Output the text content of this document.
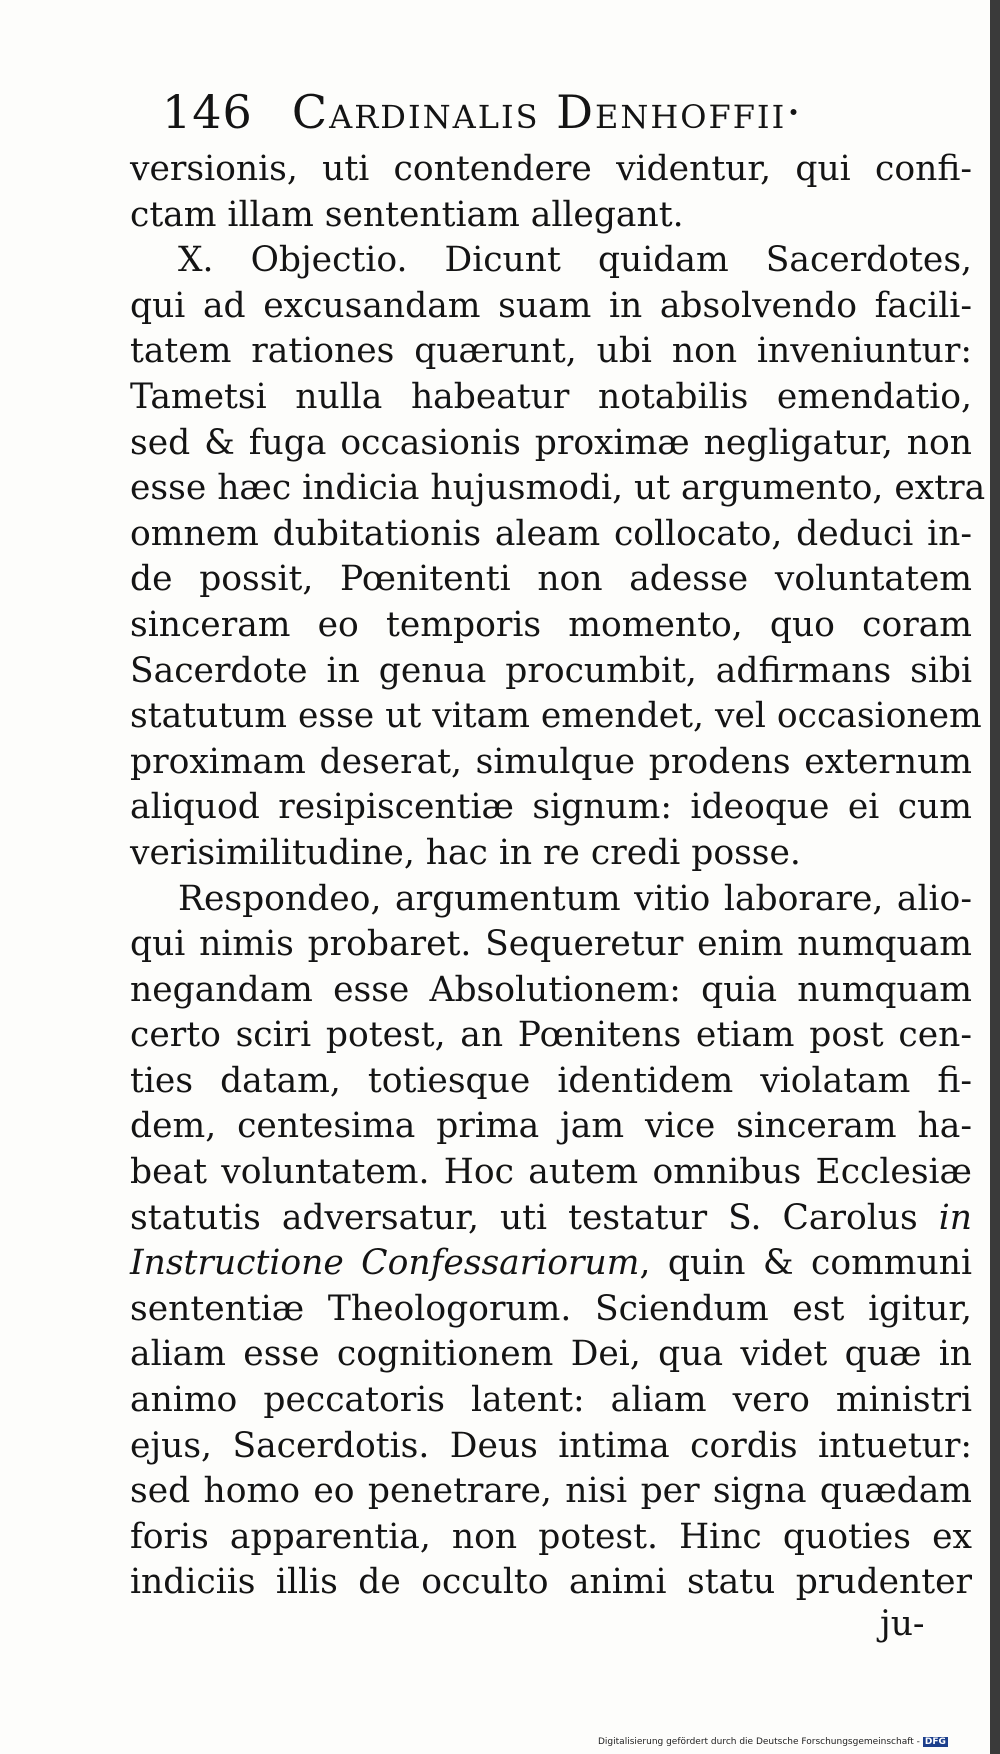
146 Cardinalis Denhoffii·
versionis, uti contendere videntur, qui confi-
ctam illam sententiam allegant.
X. Objectio. Dicunt quidam Sacerdotes,
qui ad excusandam suam in absolvendo facili-
tatem rationes quærunt, ubi non inveniuntur:
Tametsi nulla habeatur notabilis emendatio,
sed & fuga occasionis proximæ negligatur, non
esse hæc indicia hujusmodi, ut argumento, extra
omnem dubitationis aleam collocato, deduci in-
de possit, Pœnitenti non adesse voluntatem
sinceram eo temporis momento, quo coram
Sacerdote in genua procumbit, adfirmans sibi
statutum esse ut vitam emendet, vel occasionem
proximam deserat, simulque prodens externum
aliquod resipiscentiæ signum: ideoque ei cum
verisimilitudine, hac in re credi posse.
Respondeo, argumentum vitio laborare, alio-
qui nimis probaret. Sequeretur enim numquam
negandam esse Absolutionem: quia numquam
certo sciri potest, an Pœnitens etiam post cen-
ties datam, totiesque identidem violatam fi-
dem, centesima prima jam vice sinceram ha-
beat voluntatem. Hoc autem omnibus Ecclesiæ
statutis adversatur, uti testatur S. Carolus in
Instructione Confessariorum, quin & communi
sententiæ Theologorum. Sciendum est igitur,
aliam esse cognitionem Dei, qua videt quæ in
animo peccatoris latent: aliam vero ministri
ejus, Sacerdotis. Deus intima cordis intuetur:
sed homo eo penetrare, nisi per signa quædam
foris apparentia, non potest. Hinc quoties ex
indiciis illis de occulto animi statu prudenter
ju-
Digitalisierung gefördert durch die Deutsche Forschungsgemeinschaft - DFG
